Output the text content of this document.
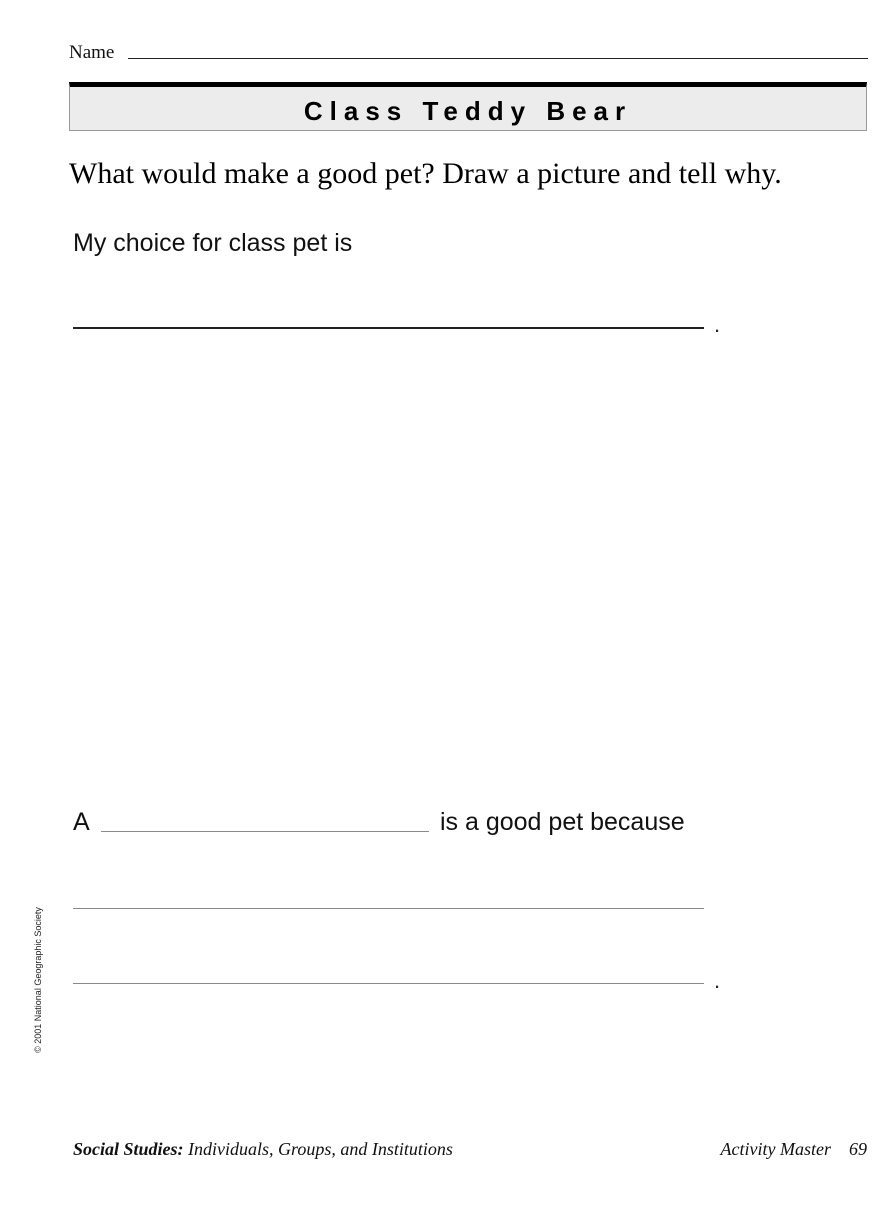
Name
Class Teddy Bear
What would make a good pet? Draw a picture and tell why.
My choice for class pet is
.
A	is a good pet because
.
© 2001 National Geographic Society
Social Studies: Individuals, Groups, and Institutions	Activity Master 69
